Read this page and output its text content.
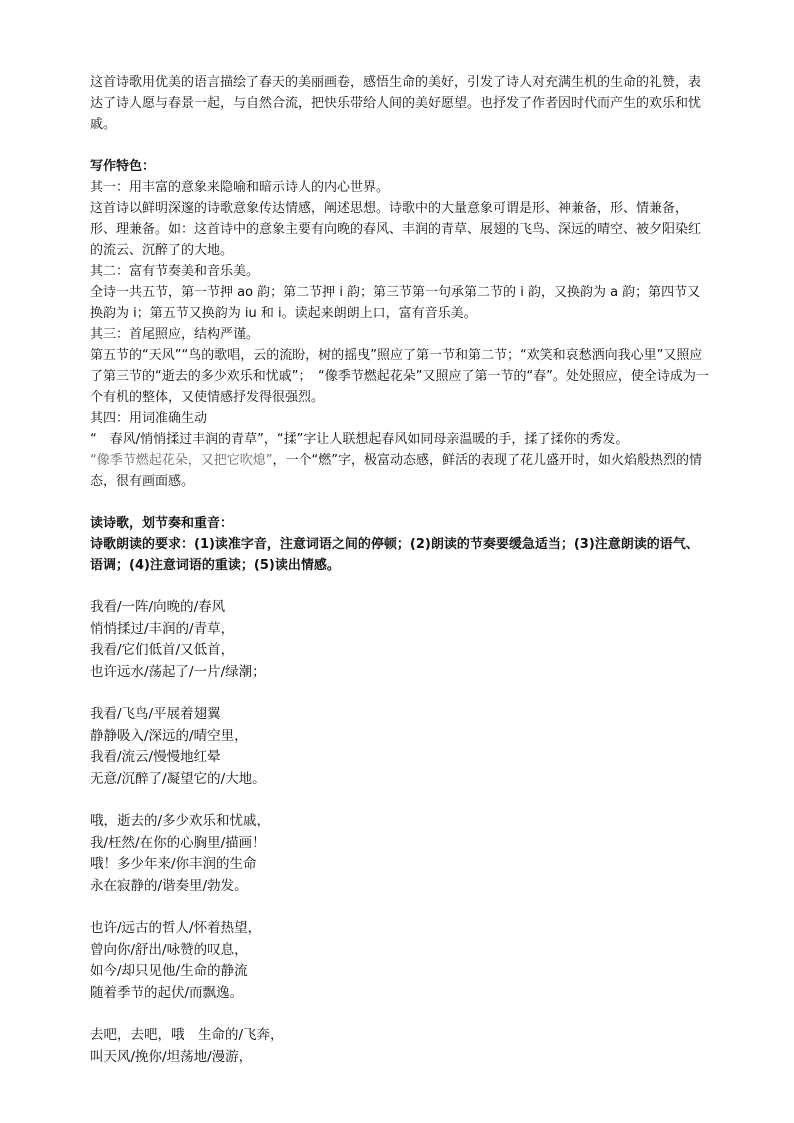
这首诗歌用优美的语言描绘了春天的美丽画卷，感悟生命的美好，引发了诗人对充满生机的生命的礼赞，表达了诗人愿与春景一起，与自然合流，把快乐带给人间的美好愿望。也抒发了作者因时代而产生的欢乐和忧戚。

写作特色：

其一：用丰富的意象来隐喻和暗示诗人的内心世界。

这首诗以鲜明深邃的诗歌意象传达情感，阐述思想。诗歌中的大量意象可谓是形、神兼备，形、情兼备，形、理兼备。如：这首诗中的意象主要有向晚的春风、丰润的青草、展翅的飞鸟、深远的晴空、被夕阳染红的流云、沉醉了的大地。

其二：富有节奏美和音乐美。

全诗一共五节，第一节押 ao 韵；第二节押 i 韵；第三节第一句承第二节的 i 韵，又换韵为 a 韵；第四节又换韵为 i；第五节又换韵为 iu 和 i。读起来朗朗上口，富有音乐美。

其三：首尾照应，结构严谨。

第五节的“天风”“鸟的歌唱，云的流盼，树的摇曳”照应了第一节和第二节；“欢笑和哀愁洒向我心里”又照应了第三节的“逝去的多少欢乐和忧戚”；　“像季节燃起花朵”又照应了第一节的“春”。处处照应，使全诗成为一个有机的整体，又使情感抒发得很强烈。

其四：用词准确生动

“　春风/悄悄揉过丰润的青草”，“揉”字让人联想起春风如同母亲温暖的手，揉了揉你的秀发。

“像季节燃起花朵，又把它吹熄”，一个“燃”字，极富动态感，鲜活的表现了花儿盛开时，如火焰般热烈的情态，很有画面感。

读诗歌，划节奏和重音：

诗歌朗读的要求：(1)读准字音，注意词语之间的停顿；(2)朗读的节奏要缓急适当；(3)注意朗读的语气、语调；(4)注意词语的重读；(5)读出情感。

我看/一阵/向晚的/春风
悄悄揉过/丰润的/青草，
我看/它们低首/又低首，
也许远水/荡起了/一片/绿潮；
我看/飞鸟/平展着翅翼
静静吸入/深远的/晴空里，
我看/流云/慢慢地红晕
无意/沉醉了/凝望它的/大地。
哦，逝去的/多少欢乐和忧戚，
我/枉然/在你的心胸里/描画！
哦！多少年来/你丰润的生命
永在寂静的/谐奏里/勃发。
也许/远古的哲人/怀着热望，
曾向你/舒出/咏赞的叹息，
如今/却只见他/生命的静流
随着季节的起伏/而飘逸。
去吧，去吧，哦　生命的/飞奔，
叫天风/挽你/坦荡地/漫游，
